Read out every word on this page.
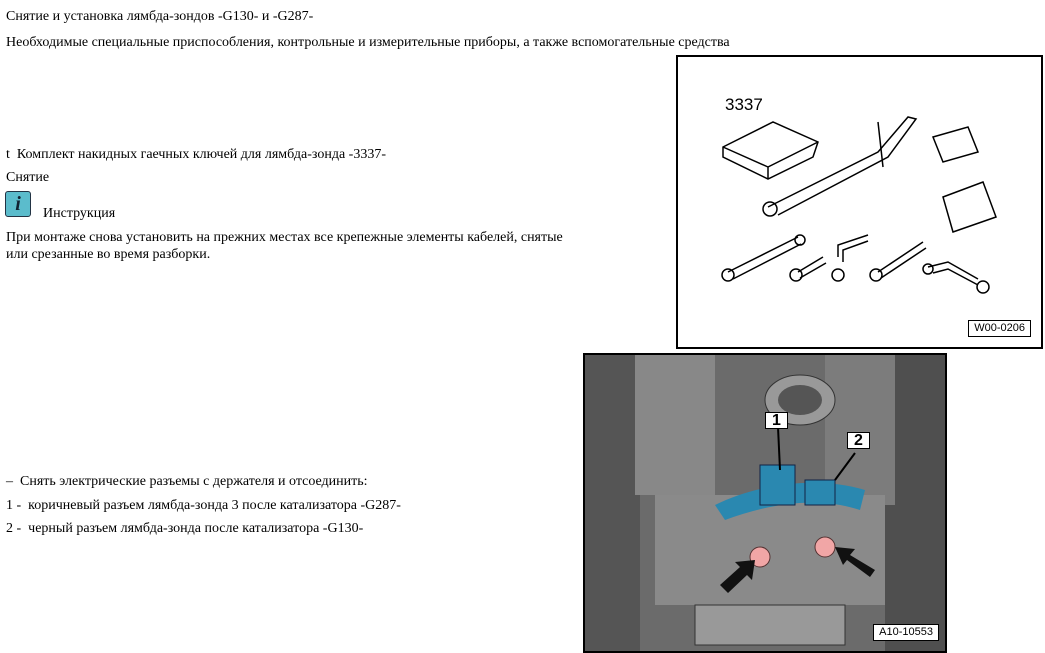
Снятие и установка лямбда-зондов -G130- и -G287-
Необходимые специальные приспособления, контрольные и измерительные приборы, а также вспомогательные средства
t Комплект накидных гаечных ключей для лямбда-зонда -3337-
Снятие
i	Инструкция
При монтаже снова установить на прежних местах все крепежные элементы кабелей, снятые
или срезанные во время разборки.
– Снять электрические разъемы с держателя и отсоединить:
1 - коричневый разъем лямбда-зонда 3 после катализатора -G287-
2 - черный разъем лямбда-зонда после катализатора -G130-
3337
W00-0206
1
2
A10-10553
